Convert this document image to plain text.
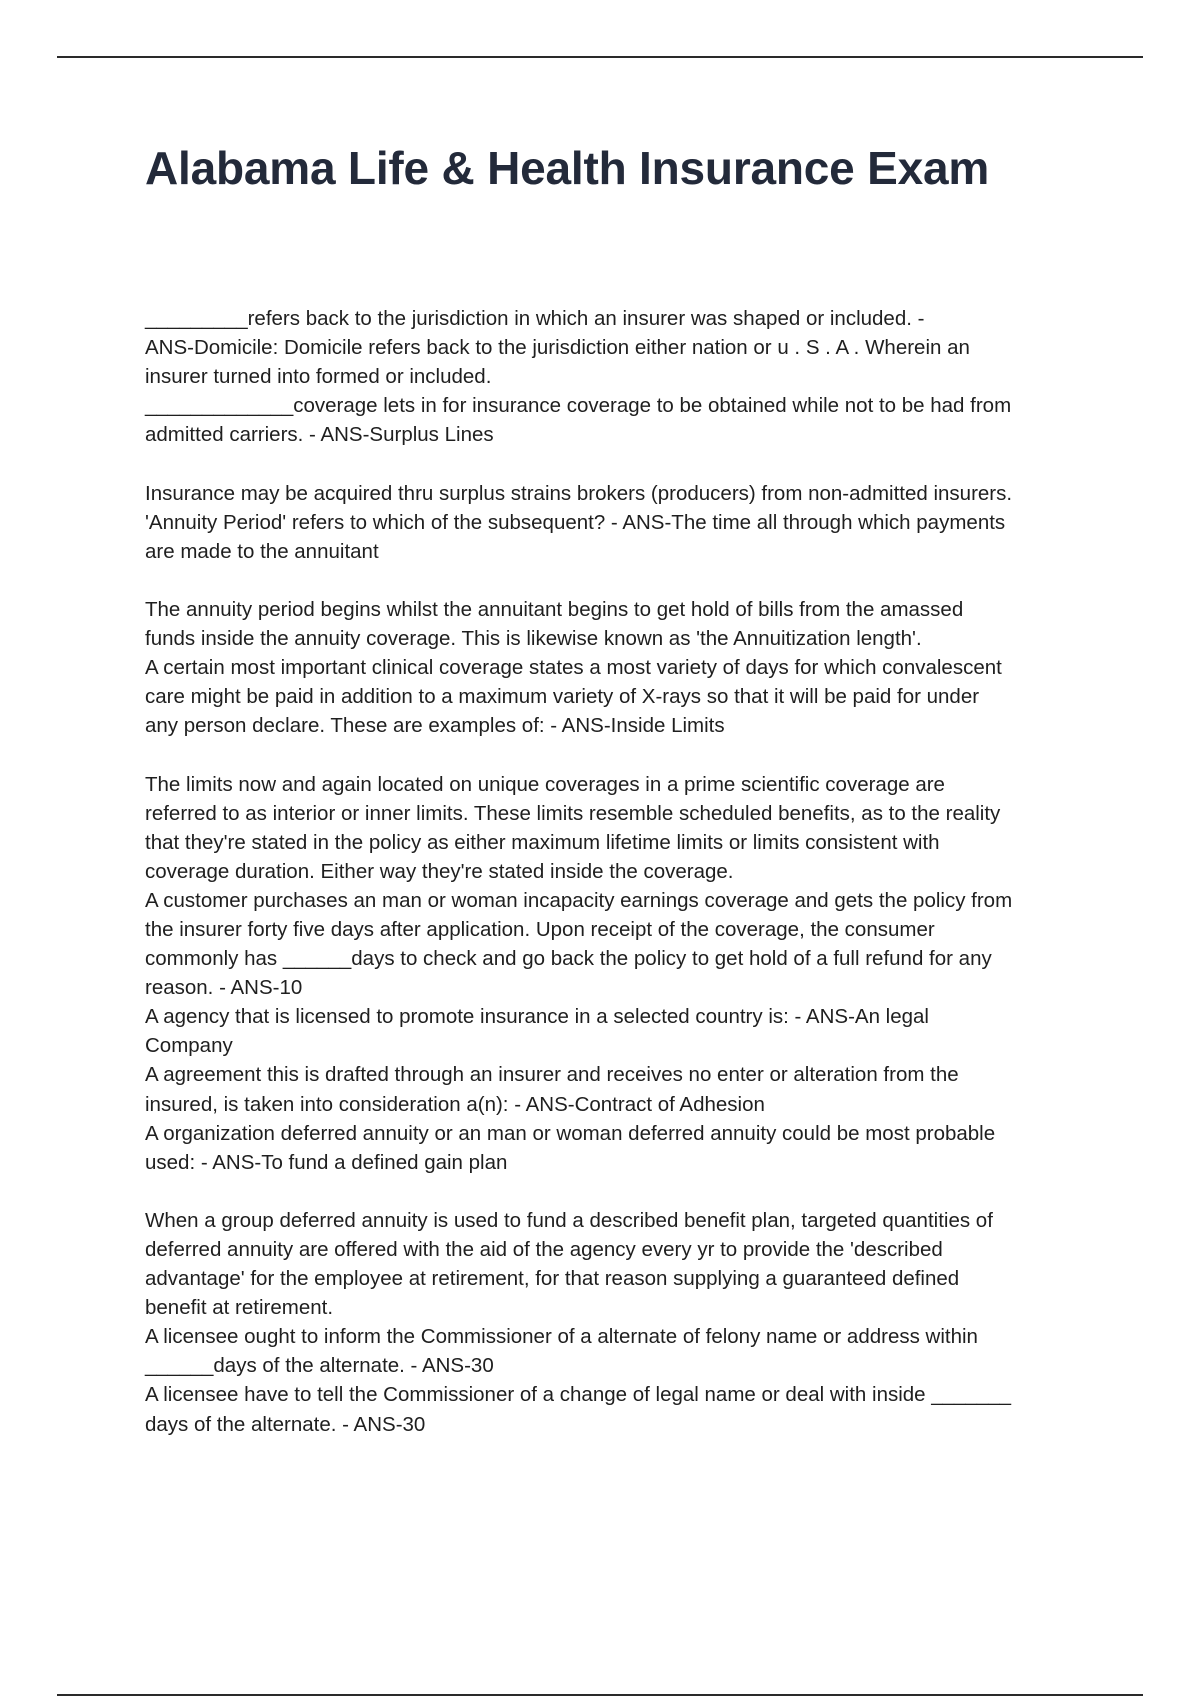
Alabama Life & Health Insurance Exam
_________refers back to the jurisdiction in which an insurer was shaped or included. -
ANS-Domicile: Domicile refers back to the jurisdiction either nation or u . S . A . Wherein an
insurer turned into formed or included.
_____________coverage lets in for insurance coverage to be obtained while not to be had from
admitted carriers. - ANS-Surplus Lines
Insurance may be acquired thru surplus strains brokers (producers) from non-admitted insurers.
'Annuity Period' refers to which of the subsequent? - ANS-The time all through which payments
are made to the annuitant
The annuity period begins whilst the annuitant begins to get hold of bills from the amassed
funds inside the annuity coverage. This is likewise known as 'the Annuitization length'.
A certain most important clinical coverage states a most variety of days for which convalescent
care might be paid in addition to a maximum variety of X-rays so that it will be paid for under
any person declare. These are examples of: - ANS-Inside Limits
The limits now and again located on unique coverages in a prime scientific coverage are
referred to as interior or inner limits. These limits resemble scheduled benefits, as to the reality
that they're stated in the policy as either maximum lifetime limits or limits consistent with
coverage duration. Either way they're stated inside the coverage.
A customer purchases an man or woman incapacity earnings coverage and gets the policy from
the insurer forty five days after application. Upon receipt of the coverage, the consumer
commonly has ______days to check and go back the policy to get hold of a full refund for any
reason. - ANS-10
A agency that is licensed to promote insurance in a selected country is: - ANS-An legal
Company
A agreement this is drafted through an insurer and receives no enter or alteration from the
insured, is taken into consideration a(n): - ANS-Contract of Adhesion
A organization deferred annuity or an man or woman deferred annuity could be most probable
used: - ANS-To fund a defined gain plan
When a group deferred annuity is used to fund a described benefit plan, targeted quantities of
deferred annuity are offered with the aid of the agency every yr to provide the 'described
advantage' for the employee at retirement, for that reason supplying a guaranteed defined
benefit at retirement.
A licensee ought to inform the Commissioner of a alternate of felony name or address within
______days of the alternate. - ANS-30
A licensee have to tell the Commissioner of a change of legal name or deal with inside _______
days of the alternate. - ANS-30
